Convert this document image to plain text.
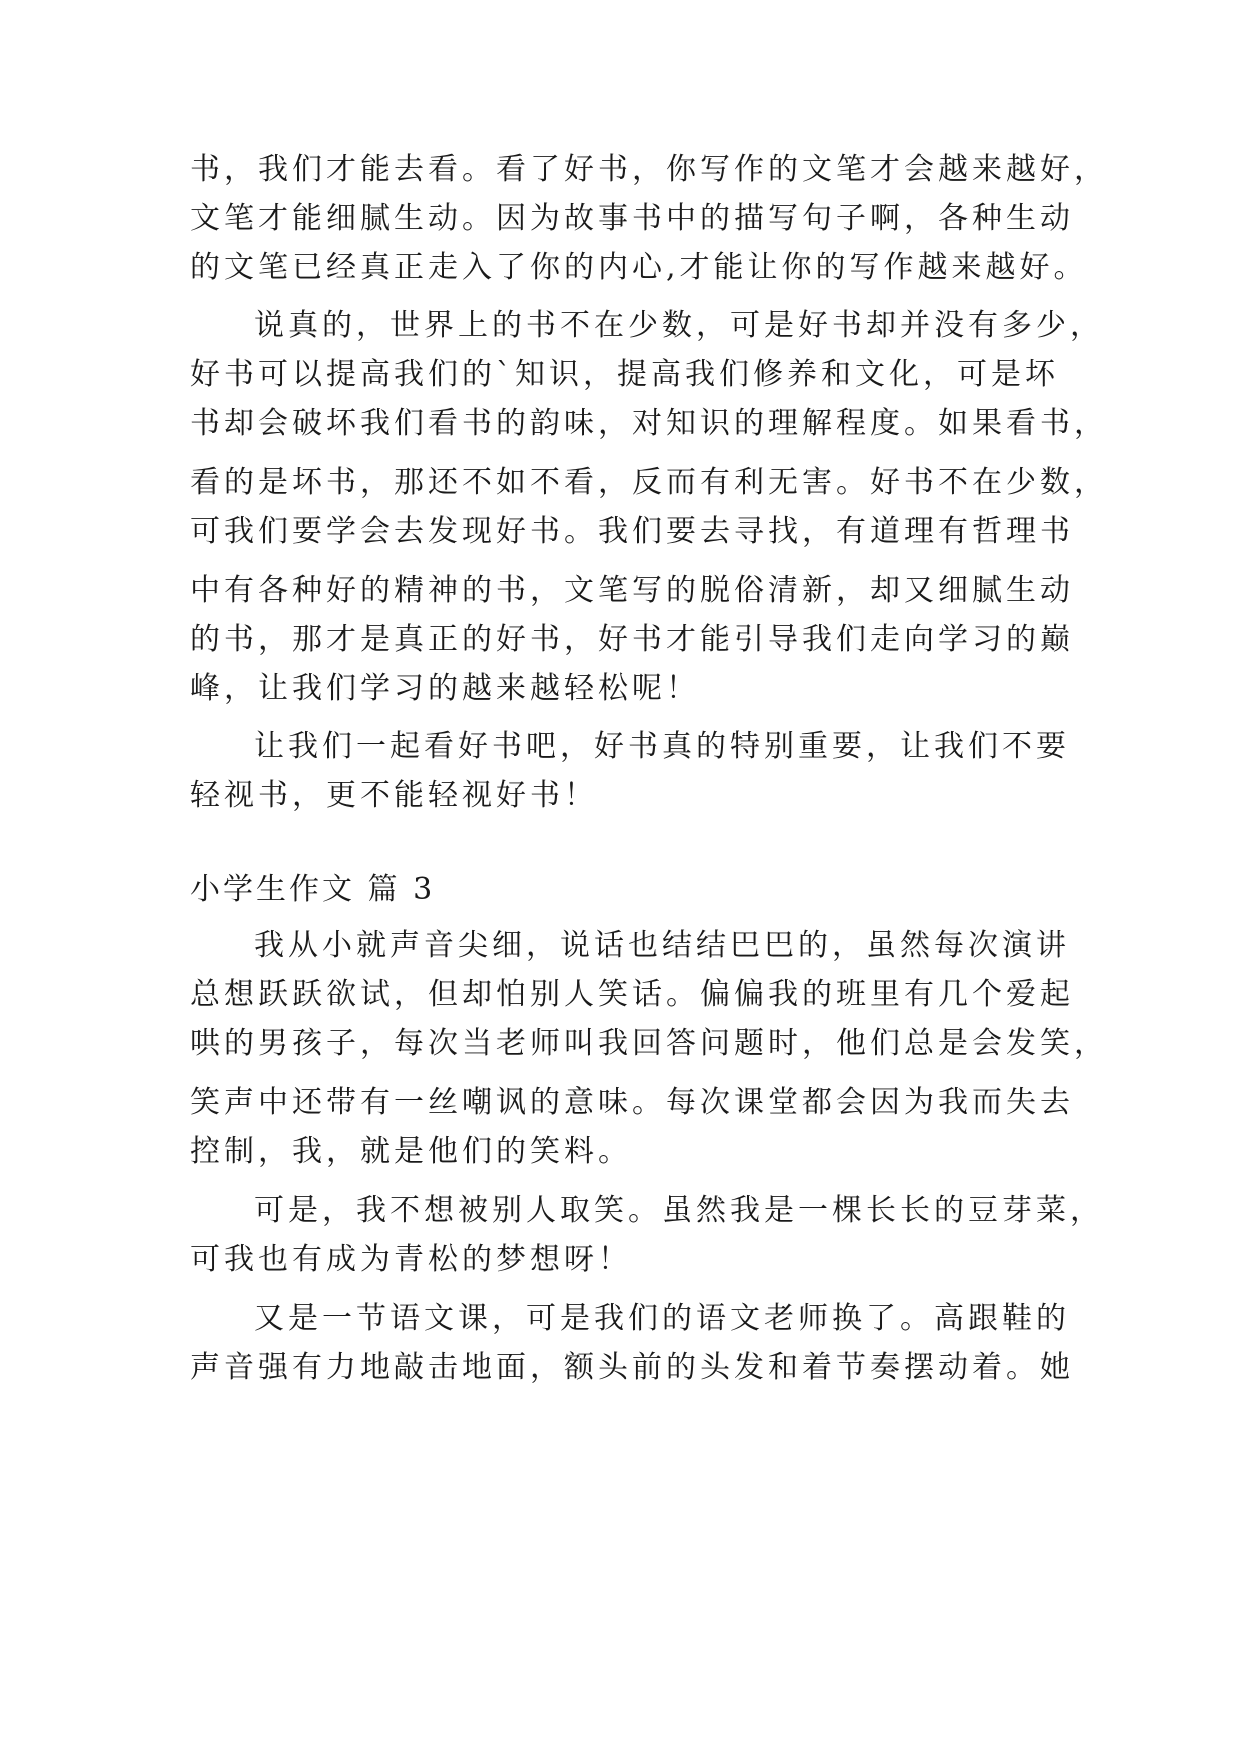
书，我们才能去看。看了好书，你写作的文笔才会越来越好，
文笔才能细腻生动。因为故事书中的描写句子啊，各种生动
的文笔已经真正走入了你的内心,才能让你的写作越来越好。
说真的，世界上的书不在少数，可是好书却并没有多少，
好书可以提高我们的`知识，提高我们修养和文化，可是坏
书却会破坏我们看书的韵味，对知识的理解程度。如果看书，
看的是坏书，那还不如不看，反而有利无害。好书不在少数，
可我们要学会去发现好书。我们要去寻找，有道理有哲理书
中有各种好的精神的书，文笔写的脱俗清新，却又细腻生动
的书，那才是真正的好书，好书才能引导我们走向学习的巅
峰，让我们学习的越来越轻松呢！
让我们一起看好书吧，好书真的特别重要，让我们不要
轻视书，更不能轻视好书！
小学生作文 篇 3
我从小就声音尖细，说话也结结巴巴的，虽然每次演讲
总想跃跃欲试，但却怕别人笑话。偏偏我的班里有几个爱起
哄的男孩子，每次当老师叫我回答问题时，他们总是会发笑，
笑声中还带有一丝嘲讽的意味。每次课堂都会因为我而失去
控制，我，就是他们的笑料。
可是，我不想被别人取笑。虽然我是一棵长长的豆芽菜，
可我也有成为青松的梦想呀！
又是一节语文课，可是我们的语文老师换了。高跟鞋的
声音强有力地敲击地面，额头前的头发和着节奏摆动着。她
